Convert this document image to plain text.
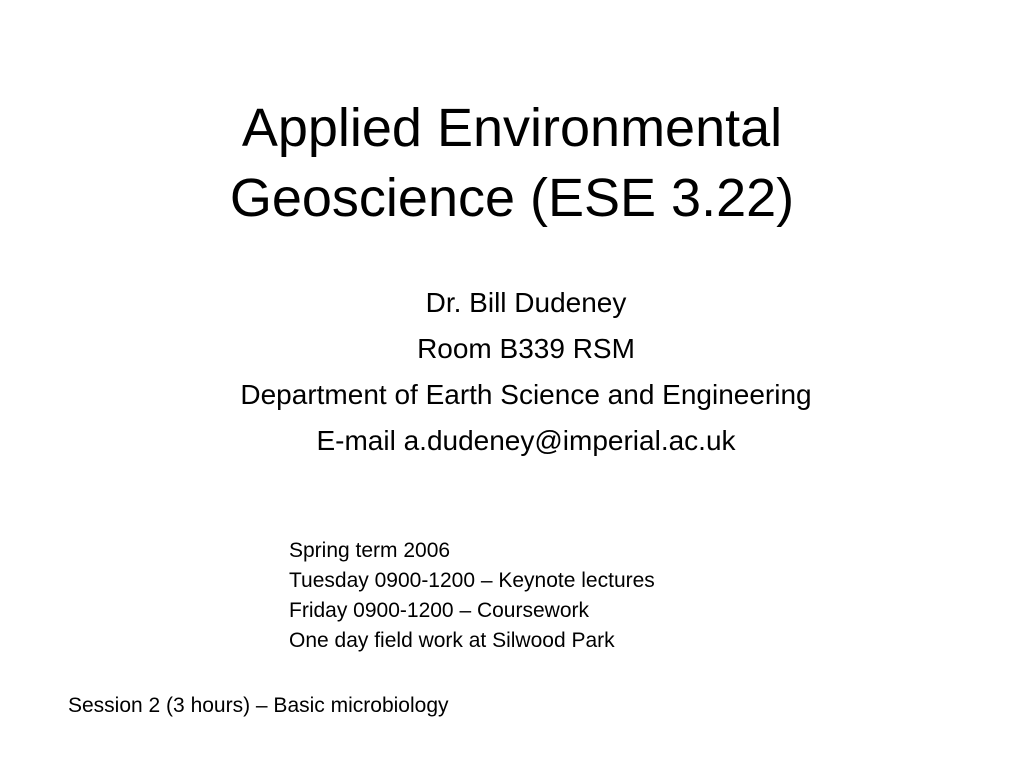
Applied Environmental
Geoscience (ESE 3.22)
Dr. Bill Dudeney
Room B339 RSM
Department of Earth Science and Engineering
E-mail a.dudeney@imperial.ac.uk
Spring term 2006
Tuesday 0900-1200 – Keynote lectures
Friday 0900-1200 – Coursework
One day field work at Silwood Park
Session 2 (3 hours) – Basic microbiology
